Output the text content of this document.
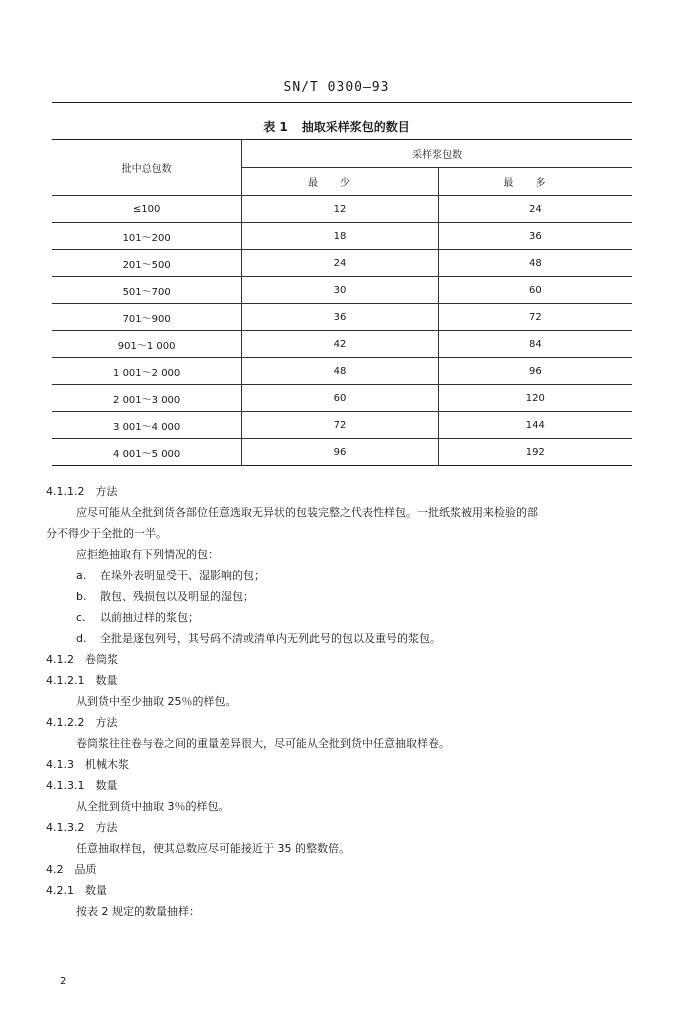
SN/T 0300—93
表 1 抽取采样浆包的数目
批中总包数	采样浆包数	
	最少	最多
≤100	12	24
101～200	18	36
201～500	24	48
501～700	30	60
701～900	36	72
901～1 000	42	84
1 001～2 000	48	96
2 001～3 000	60	120
3 001～4 000	72	144
4 001～5 000	96	192
4.1.1.2　方法
应尽可能从全批到货各部位任意选取无异状的包装完整之代表性样包。一批纸浆被用来检验的部
分不得少于全批的一半。
应拒绝抽取有下列情况的包：
a. 在垛外表明显受干、湿影响的包；
b. 散包、残损包以及明显的湿包；
c. 以前抽过样的浆包；
d. 全批是逐包列号，其号码不清或清单内无列此号的包以及重号的浆包。
4.1.2　卷筒浆
4.1.2.1　数量
从到货中至少抽取 25％的样包。
4.1.2.2　方法
卷筒浆往往卷与卷之间的重量差异很大，尽可能从全批到货中任意抽取样卷。
4.1.3　机械木浆
4.1.3.1　数量
从全批到货中抽取 3％的样包。
4.1.3.2　方法
任意抽取样包，使其总数应尽可能接近于 35 的整数倍。
4.2　品质
4.2.1　数量
按表 2 规定的数量抽样：
2
